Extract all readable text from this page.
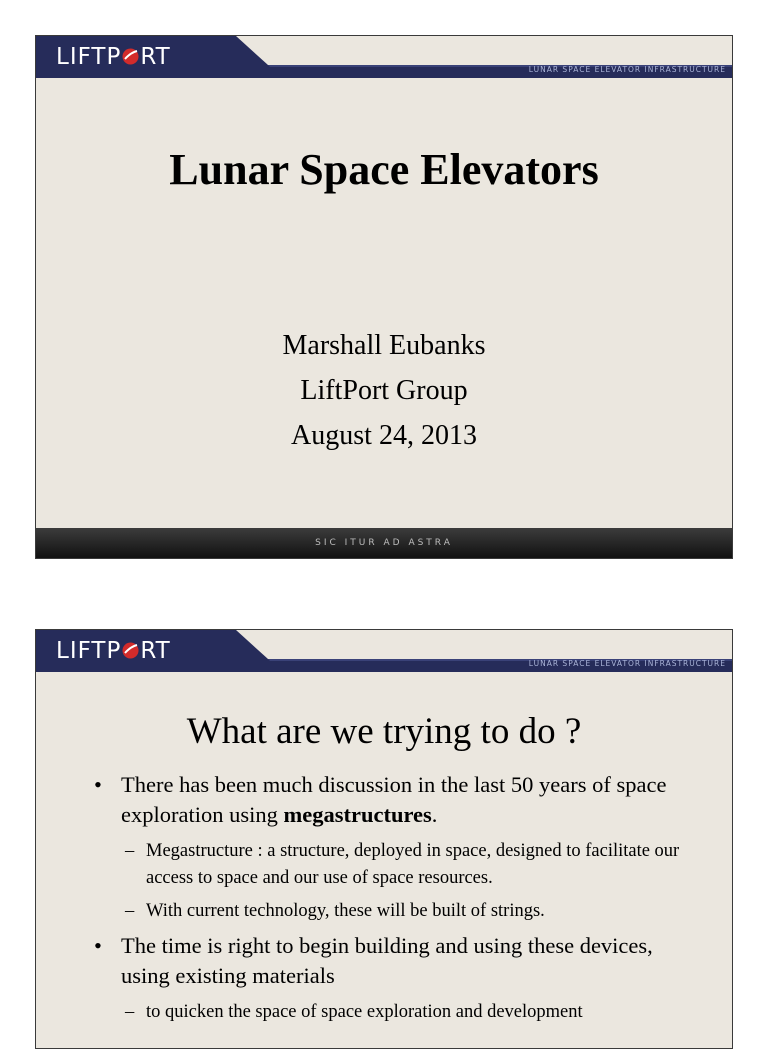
LIFTP RT	LUNAR SPACE ELEVATOR INFRASTRUCTURE
Lunar Space Elevators
Marshall Eubanks
LiftPort Group
August 24, 2013
SIC ITUR AD ASTRA
LIFTP RT	LUNAR SPACE ELEVATOR INFRASTRUCTURE
What are we trying to do ?
• There has been much discussion in the last 50 years of space exploration using megastructures.
– Megastructure : a structure, deployed in space, designed to facilitate our access to space and our use of space resources.
– With current technology, these will be built of strings.
• The time is right to begin building and using these devices, using existing materials
– to quicken the space of space exploration and development
